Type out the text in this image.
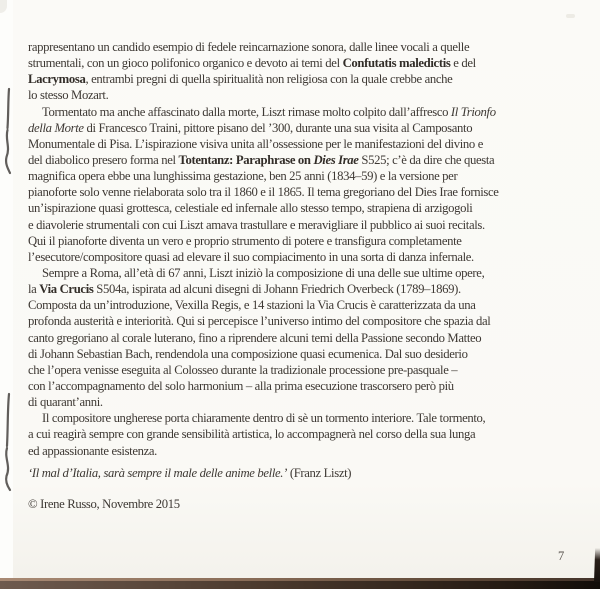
rappresentano un candido esempio di fedele reincarnazione sonora, dalle linee vocali a quelle
strumentali, con un gioco polifonico organico e devoto ai temi del Confutatis maledictis e del
Lacrymosa, entrambi pregni di quella spiritualità non religiosa con la quale crebbe anche
lo stesso Mozart.
Tormentato ma anche affascinato dalla morte, Liszt rimase molto colpito dall’affresco Il Trionfo
della Morte di Francesco Traini, pittore pisano del ’300, durante una sua visita al Camposanto
Monumentale di Pisa. L’ispirazione visiva unita all’ossessione per le manifestazioni del divino e
del diabolico presero forma nel Totentanz: Paraphrase on Dies Irae S525; c’è da dire che questa
magnifica opera ebbe una lunghissima gestazione, ben 25 anni (1834–59) e la versione per
pianoforte solo venne rielaborata solo tra il 1860 e il 1865. Il tema gregoriano del Dies Irae fornisce
un’ispirazione quasi grottesca, celestiale ed infernale allo stesso tempo, strapiena di arzigogoli
e diavolerie strumentali con cui Liszt amava trastullare e meravigliare il pubblico ai suoi recitals.
Qui il pianoforte diventa un vero e proprio strumento di potere e transfigura completamente
l’esecutore/compositore quasi ad elevare il suo compiacimento in una sorta di danza infernale.
Sempre a Roma, all’età di 67 anni, Liszt iniziò la composizione di una delle sue ultime opere,
la Via Crucis S504a, ispirata ad alcuni disegni di Johann Friedrich Overbeck (1789–1869).
Composta da un’introduzione, Vexilla Regis, e 14 stazioni la Via Crucis è caratterizzata da una
profonda austerità e interiorità. Qui si percepisce l’universo intimo del compositore che spazia dal
canto gregoriano al corale luterano, fino a riprendere alcuni temi della Passione secondo Matteo
di Johann Sebastian Bach, rendendola una composizione quasi ecumenica. Dal suo desiderio
che l’opera venisse eseguita al Colosseo durante la tradizionale processione pre-pasquale –
con l’accompagnamento del solo harmonium – alla prima esecuzione trascorsero però più
di quarant’anni.
Il compositore ungherese porta chiaramente dentro di sè un tormento interiore. Tale tormento,
a cui reagirà sempre con grande sensibilità artistica, lo accompagnerà nel corso della sua lunga
ed appassionante esistenza.
‘Il mal d’Italia, sarà sempre il male delle anime belle.’ (Franz Liszt)
© Irene Russo, Novembre 2015
7
